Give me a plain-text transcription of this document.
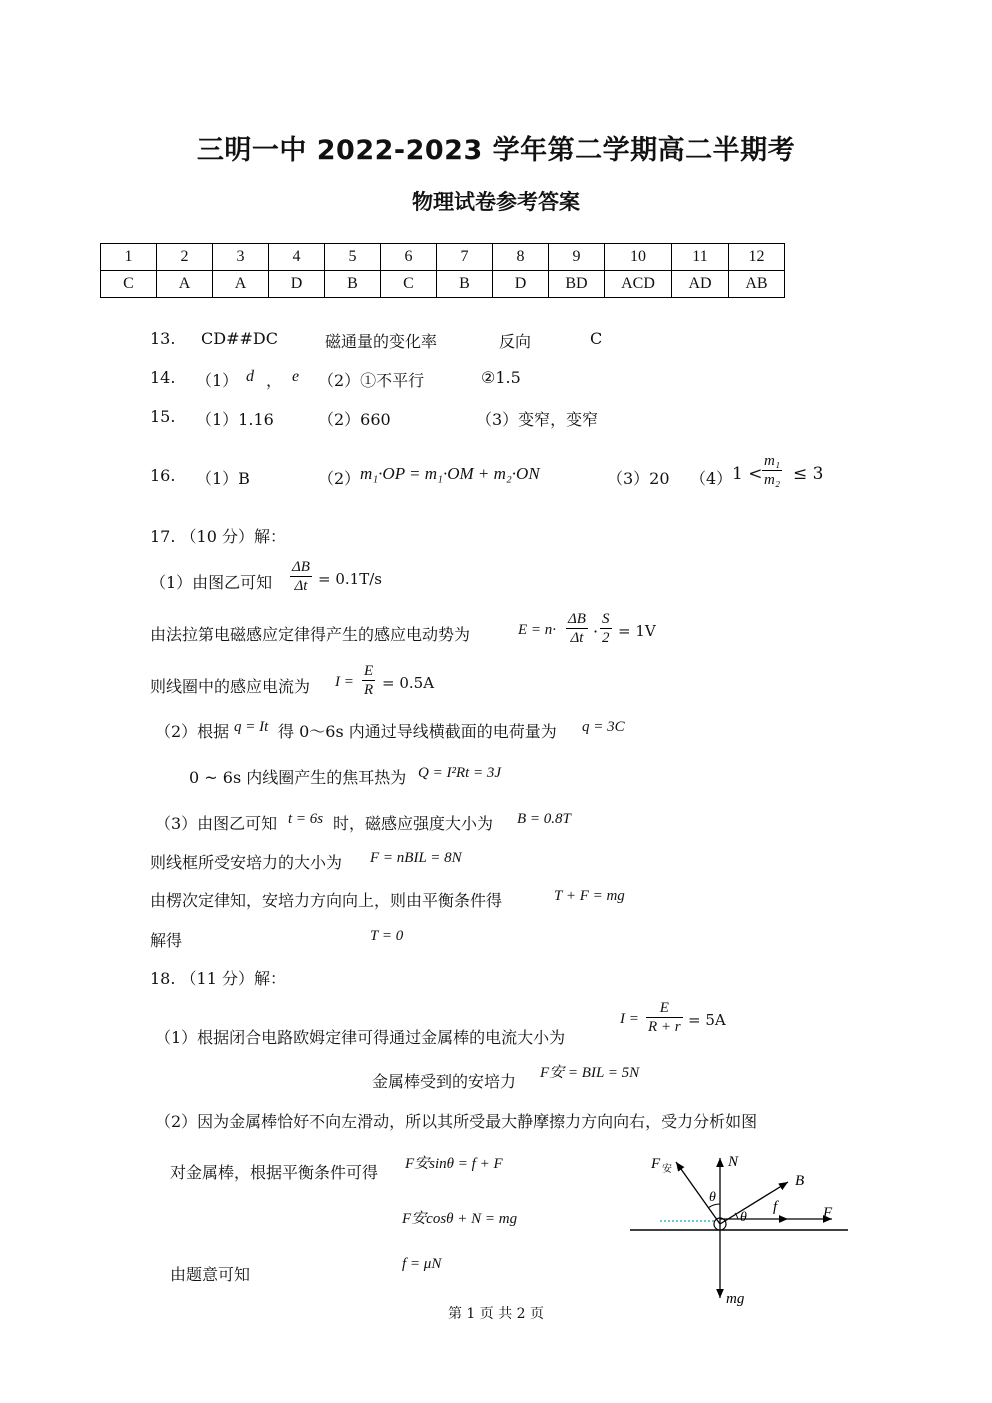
三明一中 2022-2023 学年第二学期高二半期考
物理试卷参考答案
1	2	3	4	5	6	7	8	9	10	11	12
C	A	A	D	B	C	B	D	BD	ACD	AD	AB
13. CD##DC	磁通量的变化率	反向	C
14. （1） d ， e （2）①不平行	②1.5
15. （1）1.16	（2）660	（3）变窄，变窄
16. （1）B	（2） m₁·OP = m₁·OM + m₂·ON	（3）20 （4） $1 < \frac{\text{m₁}}{\text{m₂}} \le 3$
17. （10 分）解：
（1）由图乙可知 $\frac{\Delta B}{\Delta t} = 0.1T/s$
由法拉第电磁感应定律得产生的感应电动势为	$E = n\cdot \frac{\Delta B}{\Delta t} \cdot \frac{S}{2} = 1V$
则线圈中的感应电流为 $I = \frac{E}{R} = 0.5A$
（2）根据 q = It 得 0～6s 内通过导线横截面的电荷量为 q = 3C
0 ~ 6s 内线圈产生的焦耳热为 Q = I²Rt = 3J
（3）由图乙可知 t = 6s 时，磁感应强度大小为 B = 0.8T
则线框所受安培力的大小为 F = nBIL = 8N
由楞次定律知，安培力方向向上，则由平衡条件得	T + F = mg
解得	T = 0
18. （11 分）解：
（1）根据闭合电路欧姆定律可得通过金属棒的电流大小为
$I = \frac{E}{R + r} = 5A$
金属棒受到的安培力 F安 = BIL = 5N
（2）因为金属棒恰好不向左滑动，所以其所受最大静摩擦力方向向右，受力分析如图
对金属棒，根据平衡条件可得 F安sinθ = f + F
F安cosθ + N = mg
由题意可知
f = μN
F 安	N
B
f	F
mg
θ
θ
第 1 页 共 2 页
